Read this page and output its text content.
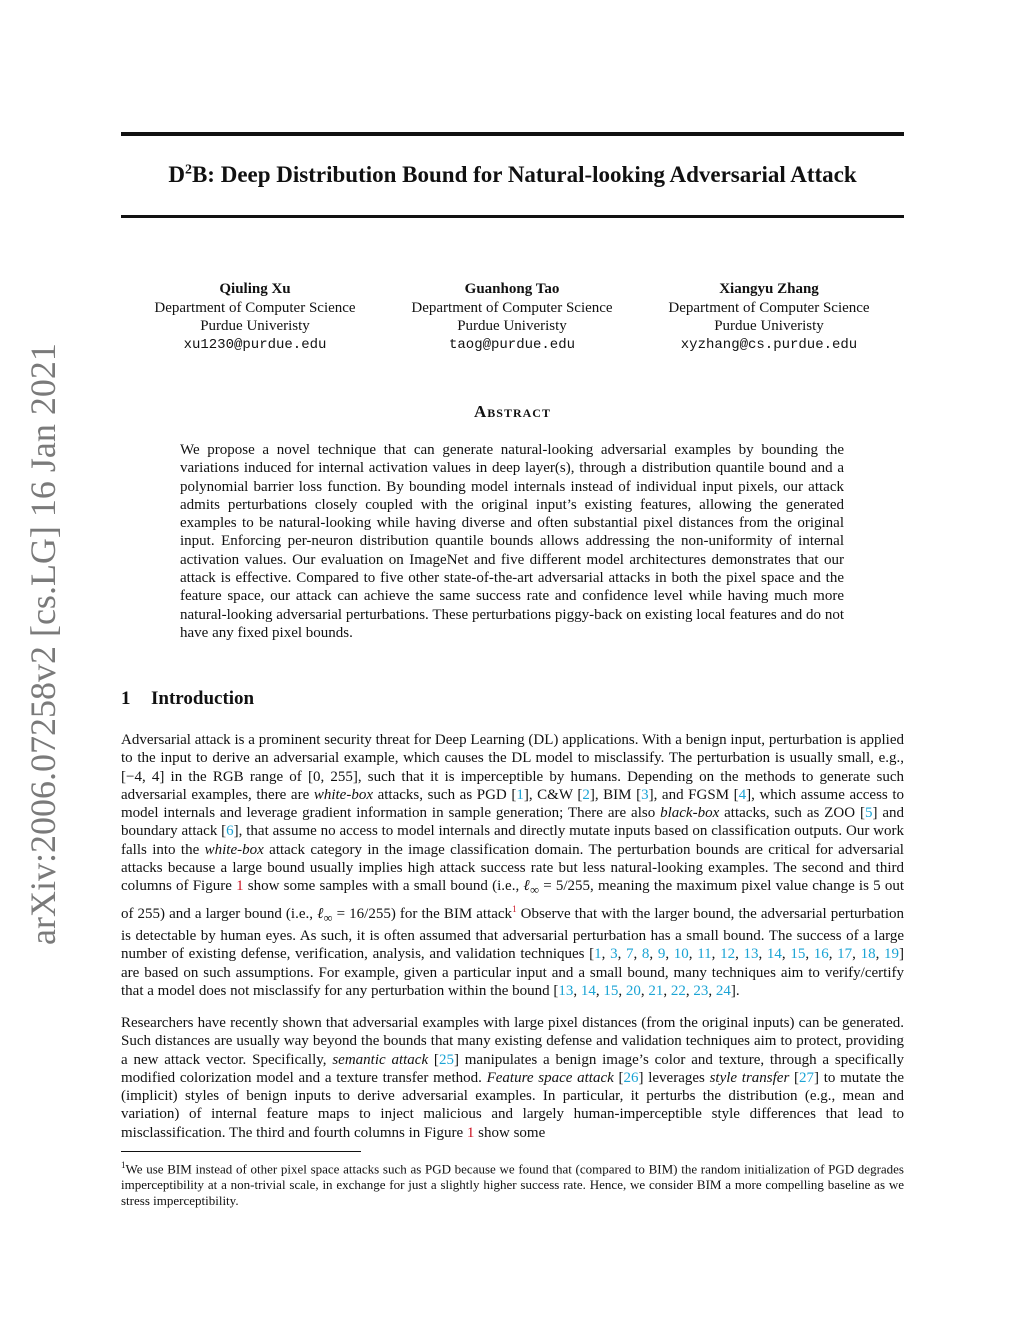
$D^2B$: Deep Distribution Bound for Natural-looking Adversarial Attack
arXiv:2006.07258v2 [cs.LG] 16 Jan 2021
Qiuling Xu
Department of Computer Science
Purdue Univeristy
xu1230@purdue.edu
Guanhong Tao
Department of Computer Science
Purdue Univeristy
taog@purdue.edu
Xiangyu Zhang
Department of Computer Science
Purdue Univeristy
xyzhang@cs.purdue.edu
Abstract
We propose a novel technique that can generate natural-looking adversarial examples by bounding the variations induced for internal activation values in deep layer(s), through a distribution quantile bound and a polynomial barrier loss function. By bounding model internals instead of individual input pixels, our attack admits perturbations closely coupled with the original input’s existing features, allowing the generated examples to be natural-looking while having diverse and often substantial pixel distances from the original input. Enforcing per-neuron distribution quantile bounds allows addressing the non-uniformity of internal activation values. Our evaluation on ImageNet and five different model architectures demonstrates that our attack is effective. Compared to five other state-of-the-art adversarial attacks in both the pixel space and the feature space, our attack can achieve the same success rate and confidence level while having much more natural-looking adversarial perturbations. These perturbations piggy-back on existing local features and do not have any fixed pixel bounds.
1 Introduction
Adversarial attack is a prominent security threat for Deep Learning (DL) applications. With a benign input, perturbation is applied to the input to derive an adversarial example, which causes the DL model to misclassify. The perturbation is usually small, e.g., [−4, 4] in the RGB range of [0, 255], such that it is imperceptible by humans. Depending on the methods to generate such adversarial examples, there are white-box attacks, such as PGD [1], C&W [2], BIM [3], and FGSM [4], which assume access to model internals and leverage gradient information in sample generation; There are also black-box attacks, such as ZOO [5] and boundary attack [6], that assume no access to model internals and directly mutate inputs based on classification outputs. Our work falls into the white-box attack category in the image classification domain. The perturbation bounds are critical for adversarial attacks because a large bound usually implies high attack success rate but less natural-looking examples. The second and third columns of Figure 1 show some samples with a small bound (i.e., ℓ$_\infty$ = 5/255, meaning the maximum pixel value change is 5 out of 255) and a larger bound (i.e., ℓ$_\infty$ = 16/255) for the BIM attack$^1$ Observe that with the larger bound, the adversarial perturbation is detectable by human eyes. As such, it is often assumed that adversarial perturbation has a small bound. The success of a large number of existing defense, verification, analysis, and validation techniques [1, 3, 7, 8, 9, 10, 11, 12, 13, 14, 15, 16, 17, 18, 19] are based on such assumptions. For example, given a particular input and a small bound, many techniques aim to verify/certify that a model does not misclassify for any perturbation within the bound [13, 14, 15, 20, 21, 22, 23, 24].
Researchers have recently shown that adversarial examples with large pixel distances (from the original inputs) can be generated. Such distances are usually way beyond the bounds that many existing defense and validation techniques aim to protect, providing a new attack vector. Specifically, semantic attack [25] manipulates a benign image’s color and texture, through a specifically modified colorization model and a texture transfer method. Feature space attack [26] leverages style transfer [27] to mutate the (implicit) styles of benign inputs to derive adversarial examples. In particular, it perturbs the distribution (e.g., mean and variation) of internal feature maps to inject malicious and largely human-imperceptible style differences that lead to misclassification. The third and fourth columns in Figure 1 show some
$^1$We use BIM instead of other pixel space attacks such as PGD because we found that (compared to BIM) the random initialization of PGD degrades imperceptibility at a non-trivial scale, in exchange for just a slightly higher success rate. Hence, we consider BIM a more compelling baseline as we stress imperceptibility.
